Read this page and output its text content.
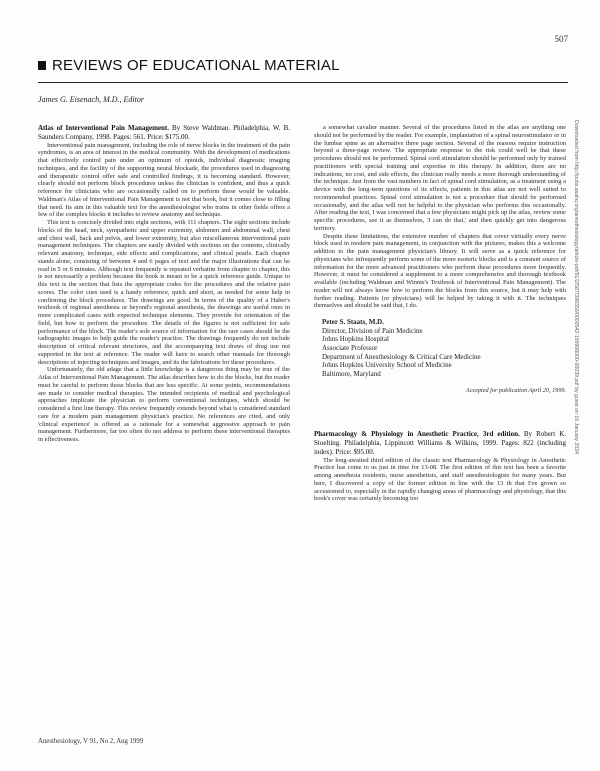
507
REVIEWS OF EDUCATIONAL MATERIAL
James G. Eisenach, M.D., Editor

Atlas of Interventional Pain Management. By Steve Waldman. Philadelphia, W. B. Saunders Company, 1998. Pages: 561. Price: $175.00.

Interventional pain management, including the role of nerve blocks in the treatment of the pain syndromes, is an area of interest in the medical community. With the development of medications that effectively control pain under an optimum of opioids, individual diagnostic imaging techniques, and the facility of the supporting neural blockade, the procedures used in diagnosing and therapeutic control offer safe and controlled findings, it is becoming standard. However, clearly should not perform block procedures unless the clinician is confident, and thus a quick reference for clinicians who are occasionally called on to perform these would be valuable. Waldman's Atlas of Interventional Pain Management is not that book, but it comes close to filling that need. Its aim in this valuable text for the anesthesiologist who trains in other fields offers a few of the complex blocks it includes to review anatomy and technique.

This text is concisely divided into eight sections, with 111 chapters. The eight sections include blocks of the head, neck, sympathetic and upper extremity, abdomen and abdominal wall, chest and chest wall, back and pelvis, and lower extremity, but also miscellaneous interventional pain management techniques. The chapters are easily divided with sections on the contents, clinically relevant anatomy, technique, side effects and complications, and clinical pearls. Each chapter stands alone, consisting of between 4 and 6 pages of text and the major illustrations that can be read in 5 or 6 minutes. Although text frequently is repeated verbatim from chapter to chapter, this is not necessarily a problem because the book is meant to be a quick reference guide. Unique to this text is the section that lists the appropriate codes for the procedures and the relative pain scores. The color cues used is a handy reference, quick and short, as needed for some help in confirming the block procedures. The drawings are good. In terms of the quality of a Haber's textbook of regional anesthesia or beyond's regional anesthesia, the drawings are useful ones in more complicated cases with expected technique elements. They provide for orientation of the field, but how to perform the procedure. The details of the figures is not sufficient for safe performance of the block. The reader's sole source of information for the rare cases should be the radiographic images to help guide the reader's practice. The drawings frequently do not include description of critical relevant structures, and the accompanying text draws of drug use not supported in the text at reference. The reader will have to search other manuals for thorough descriptions of injecting techniques and images, and its the fabrications for these procedures.

Unfortunately, the old adage that a little knowledge is a dangerous thing may be true of the Atlas of Interventional Pain Management. The atlas describes how to do the blocks, but the reader must be careful to perform those blocks that are less specific. At some points, recommendations are made to consider medical therapies. The intended recipients of medical and psychological approaches implicate the physician to perform conventional techniques, which should be considered a first line therapy. This review frequently extends beyond what is considered standard care for a modern pain management physician's practice. No references are cited, and only 'clinical experience' is offered as a rationale for a somewhat aggressive approach to pain management. Furthermore, far too often do not address to perform these interventional therapies in effectiveness.

a somewhat cavalier manner. Several of the procedures listed in the atlas are anything one should not be performed by the reader. For example, implantation of a spinal neurostimulator or in the lumbar spine as an alternative three page section. Several of the reasons require instruction beyond a three-page review. The appropriate response to the risk could well be that these procedures should not be performed. Spinal cord stimulation should be performed only by trained practitioners with special training and expertise in this therapy. In addition, there are no indications, no cost, and side effects, the clinician really needs a more thorough understanding of the technique. Just from the vast numbers in fact of spinal cord stimulation, as a treatment using a device with the long-term questions of its effects, patients in this atlas are not well suited to recommended practices. Spinal cord stimulation is not a procedure that should be performed occasionally, and the atlas will not be helpful to the physician who performs this occasionally. After reading the text, I was concerned that a few physicians might pick up the atlas, review some specific procedures, see it as themselves, 'I can do that,' and then quickly get into dangerous territory.

Despite these limitations, the extensive number of chapters that cover virtually every nerve block used in modern pain management, in conjunction with the pictures, makes this a welcome addition to the pain management physician's library. It will serve as a quick reference for physicians who infrequently perform some of the more esoteric blocks and is a constant source of information for the more advanced practitioners who perform these procedures more frequently. However, it must be considered a supplement to a more comprehensive and thorough textbook available (including Waldman and Winnie's Textbook of Interventional Pain Management). The reader will not always know how to perform the blocks from this source, but it may help with further reading. Patients (or physicians) will be helped by taking it with it. The techniques themselves and should be said that, I do.

Peter S. Staats, M.D.
Director, Division of Pain Medicine
Johns Hopkins Hospital
Associate Professor
Department of Anesthesiology & Critical Care Medicine
Johns Hopkins University School of Medicine
Baltimore, Maryland
Accepted for publication April 20, 1999.

Pharmacology & Physiology in Anesthetic Practice, 3rd edition. By Robert K. Stoelting. Philadelphia, Lippincott Williams & Wilkins, 1999. Pages: 822 (including index). Price: $95.00.

The long-awaited third edition of the classic text Pharmacology & Physiology in Anesthetic Practice has come to us just in time for 13-08. The first edition of this text has been a favorite among anesthesia residents, nurse anesthetists, and staff anesthesiologists for many years. But here, I discovered a copy of the former edition in line with the 13 th that I've grown so accustomed to, especially in the rapidly changing areas of pharmacology and physiology, that this book's cover was certainly becoming too

Anesthesiology, V 91, No 2, Aug 1999
Downloaded from http://pubs.asahq.org/anesthesiology/article-pdf/91/2/587/398350/0000542-199908000-00039.pdf by guest on 16 January 2024
